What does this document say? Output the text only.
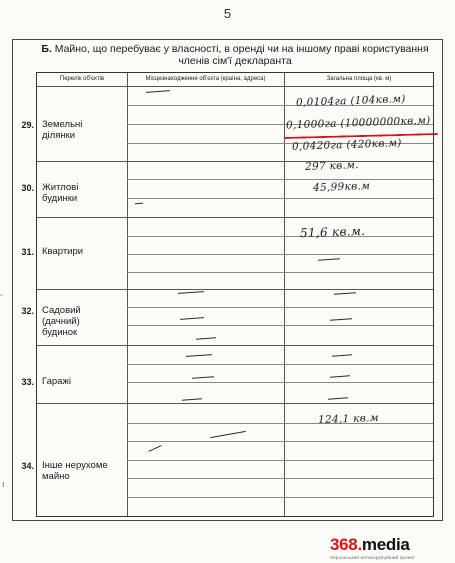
5
Б. Майно, що перебуває у власності, в оренді чи на іншому праві користування
членів сім'ї декларанта
Перелік об'єктів	Місцезнаходження об'єкта (країна, адреса)	Загальна площа (кв. м)
29. Земельні ділянки
30. Житлові будинки
31. Квартири
32. Садовий (дачний) будинок
33. Гаражі
34. Інше нерухоме майно
0,0104га (104кв.м)
0,1000га (10000000кв.м)
0,0420га (420кв.м)
297 кв.м.
45,99кв.м
51,6 кв.м.
124,1 кв.м
ˇ
ı
368.media
Херсонський антикорупційний проект
